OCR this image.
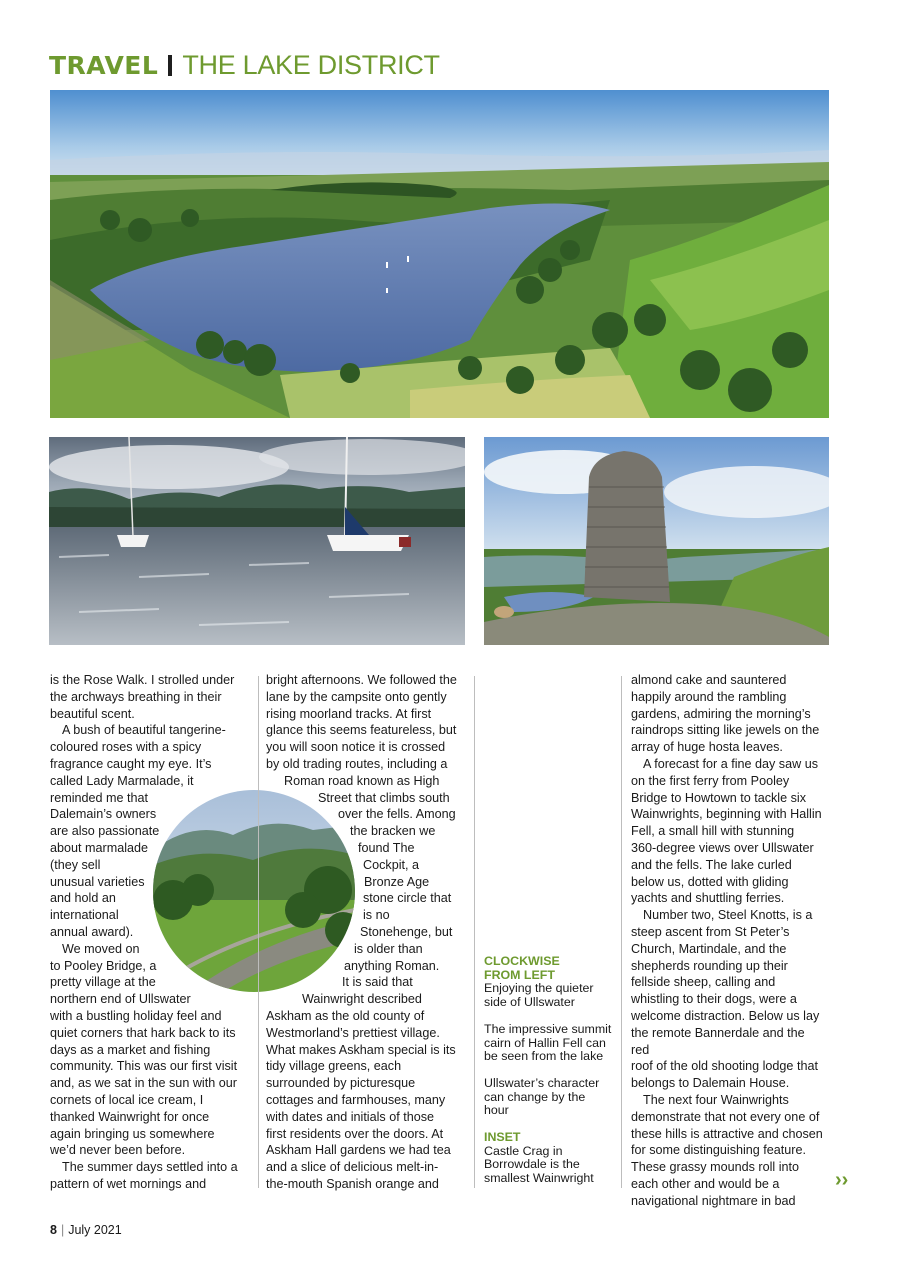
TRAVEL THE LAKE DISTRICT

is the Rose Walk. I strolled under

the archways breathing in their

beautiful scent.

A bush of beautiful tangerine-

coloured roses with a spicy

fragrance caught my eye. It’s

called Lady Marmalade, it

reminded me that

Dalemain’s owners

are also passionate

about marmalade

(they sell

unusual varieties

and hold an

international

annual award).

We moved on

to Pooley Bridge, a

pretty village at the

northern end of Ullswater

with a bustling holiday feel and

quiet corners that hark back to its

days as a market and fishing

community. This was our first visit

and, as we sat in the sun with our

cornets of local ice cream, I

thanked Wainwright for once

again bringing us somewhere

we’d never been before.

The summer days settled into a

pattern of wet mornings and

bright afternoons. We followed the

lane by the campsite onto gently

rising moorland tracks. At first

glance this seems featureless, but

you will soon notice it is crossed

by old trading routes, including a

Roman road known as High

Street that climbs south

over the fells. Among

the bracken we

found The

Cockpit, a

Bronze Age

stone circle that

is no

Stonehenge, but

is older than

anything Roman.

It is said that

Wainwright described

Askham as the old county of

Westmorland’s prettiest village.

What makes Askham special is its

tidy village greens, each

surrounded by picturesque

cottages and farmhouses, many

with dates and initials of those

first residents over the doors. At

Askham Hall gardens we had tea

and a slice of delicious melt-in-

the-mouth Spanish orange and

CLOCKWISE
FROM LEFT
Enjoying the quieter
side of Ullswater
The impressive summit
cairn of Hallin Fell can
be seen from the lake
Ullswater’s character
can change by the
hour
INSET
Castle Crag in
Borrowdale is the
smallest Wainwright

almond cake and sauntered

happily around the rambling

gardens, admiring the morning’s

raindrops sitting like jewels on the

array of huge hosta leaves.

A forecast for a fine day saw us

on the first ferry from Pooley

Bridge to Howtown to tackle six

Wainwrights, beginning with Hallin

Fell, a small hill with stunning

360-degree views over Ullswater

and the fells. The lake curled

below us, dotted with gliding

yachts and shuttling ferries.

Number two, Steel Knotts, is a

steep ascent from St Peter’s

Church, Martindale, and the

shepherds rounding up their

fellside sheep, calling and

whistling to their dogs, were a

welcome distraction. Below us lay

the remote Bannerdale and the red

roof of the old shooting lodge that

belongs to Dalemain House.

The next four Wainwrights

demonstrate that not every one of

these hills is attractive and chosen

for some distinguishing feature.

These grassy mounds roll into

each other and would be a

navigational nightmare in bad

››
8 | July 2021
